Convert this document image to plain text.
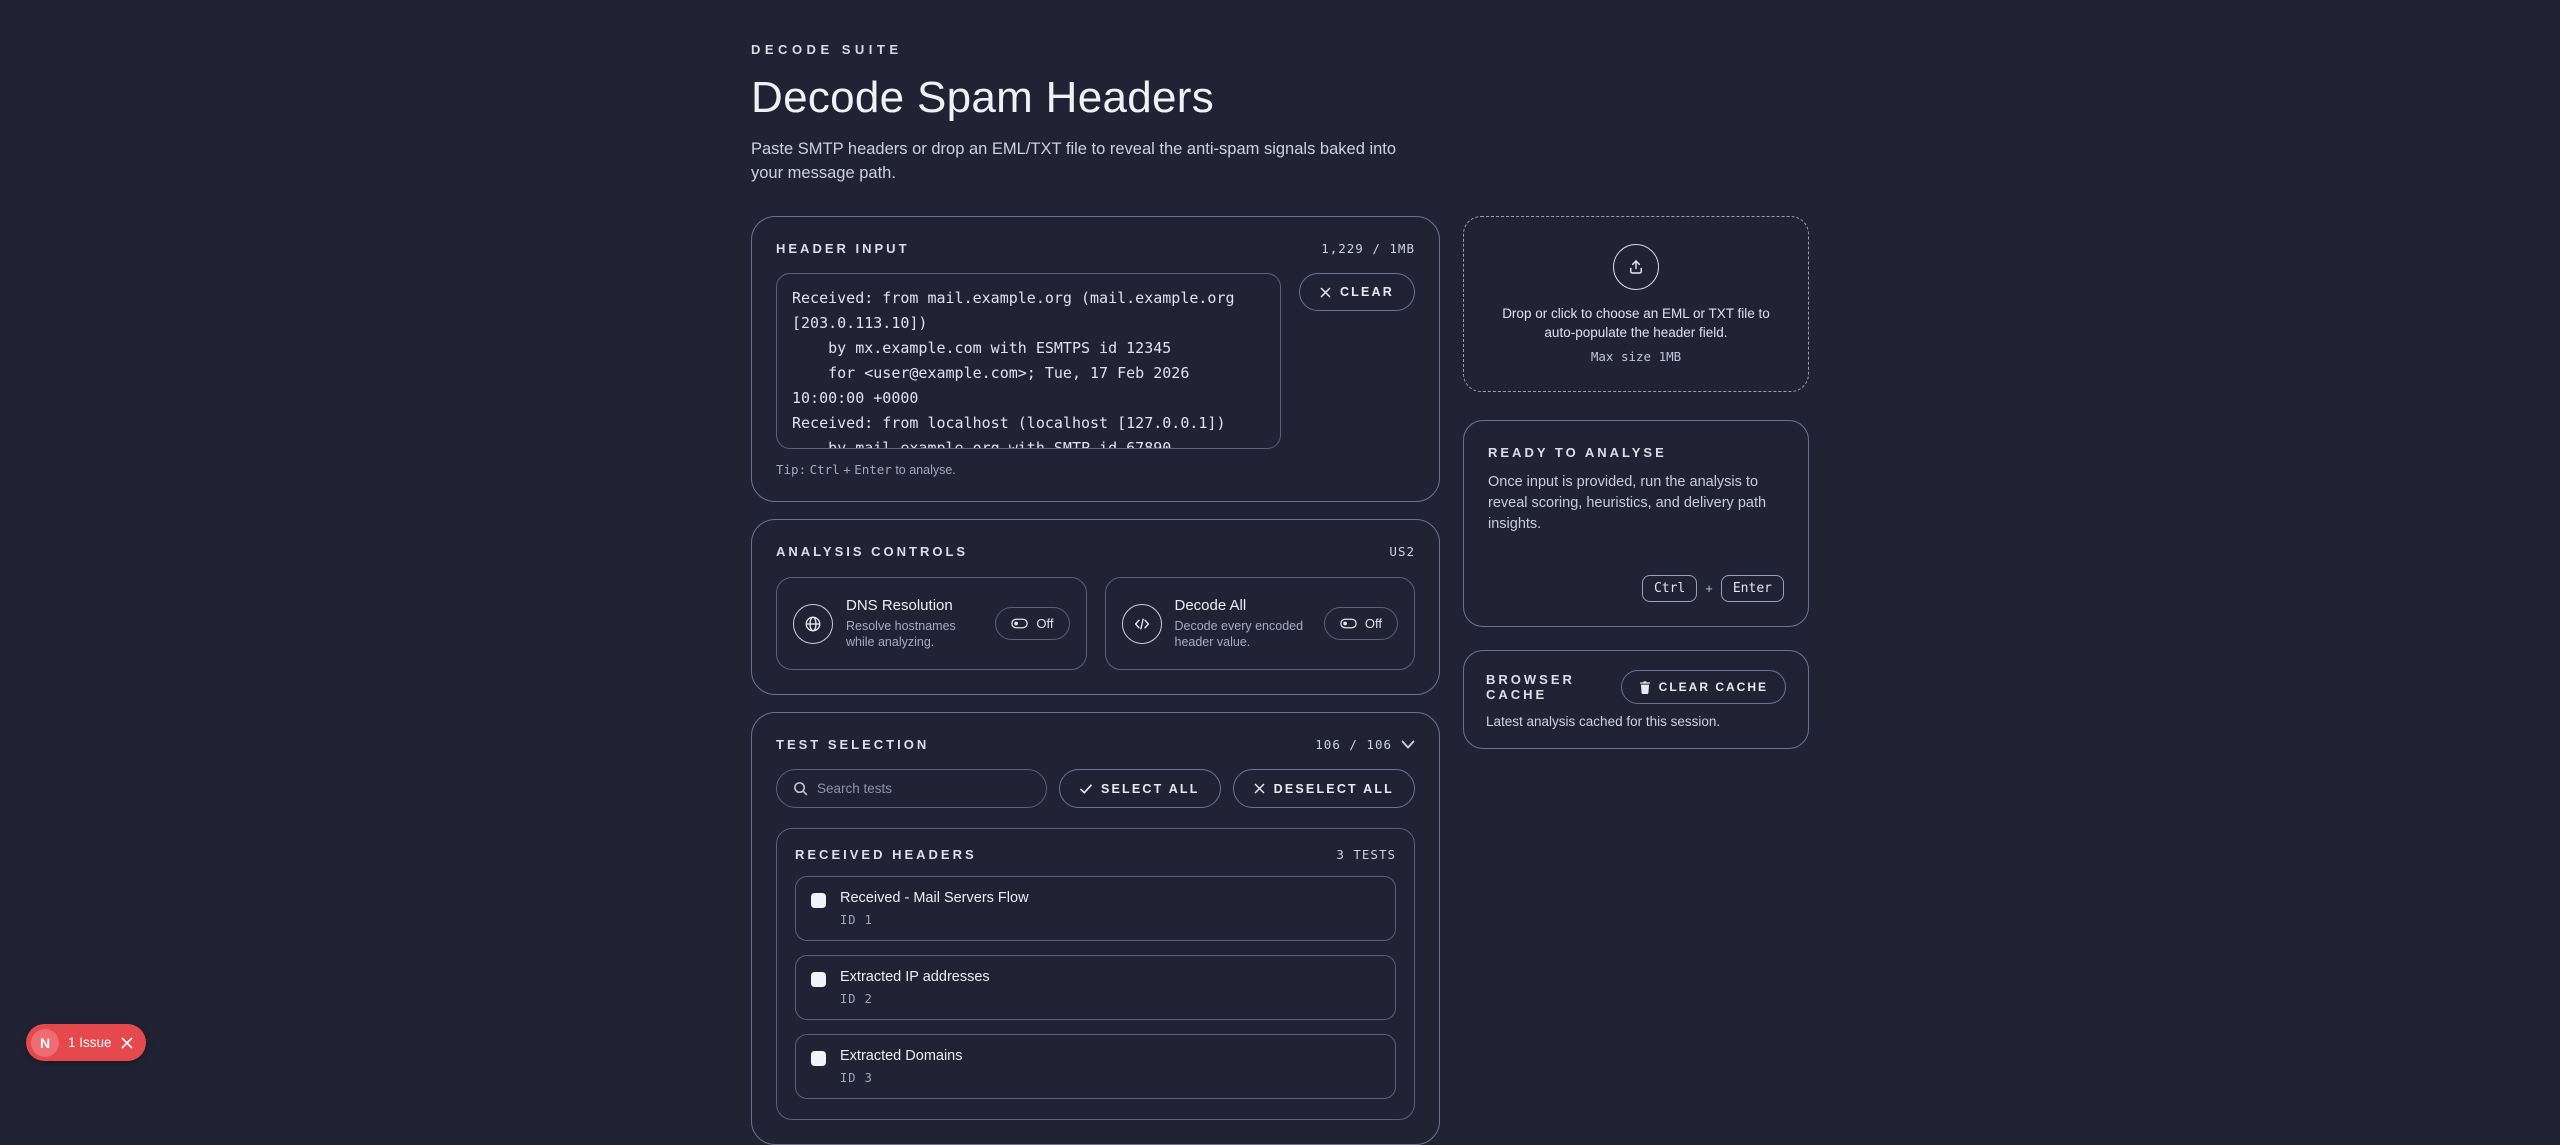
DECODE SUITE
Decode Spam Headers

Paste SMTP headers or drop an EML/TXT file to reveal the anti-spam signals baked into your message path.

HEADER INPUT	1,229 / 1MB
Received: from mail.example.org (mail.example.org [203.0.113.10]) by mx.example.com with ESMTPS id 12345 for <user@example.com>; Tue, 17 Feb 2026 10:00:00 +0000 Received: from localhost (localhost [127.0.0.1]) by mail.example.org with SMTP id 67890
CLEAR
Tip: Ctrl + Enter to analyse.
ANALYSIS CONTROLS	US2
DNS Resolution
Resolve hostnames while analyzing.
Off
Decode All
Decode every encoded header value.
Off
TEST SELECTION	106 / 106
Search tests
SELECT ALL	DESELECT ALL
RECEIVED HEADERS	3 TESTS
Received - Mail Servers Flow
ID 1
Extracted IP addresses
ID 2
Extracted Domains
ID 3
Drop or click to choose an EML or TXT file to auto-populate the header field.
Max size 1MB
READY TO ANALYSE

Once input is provided, run the analysis to reveal scoring, heuristics, and delivery path insights.

Ctrl	+	Enter
BROWSER CACHE	CLEAR CACHE
Latest analysis cached for this session.
N	1 Issue
